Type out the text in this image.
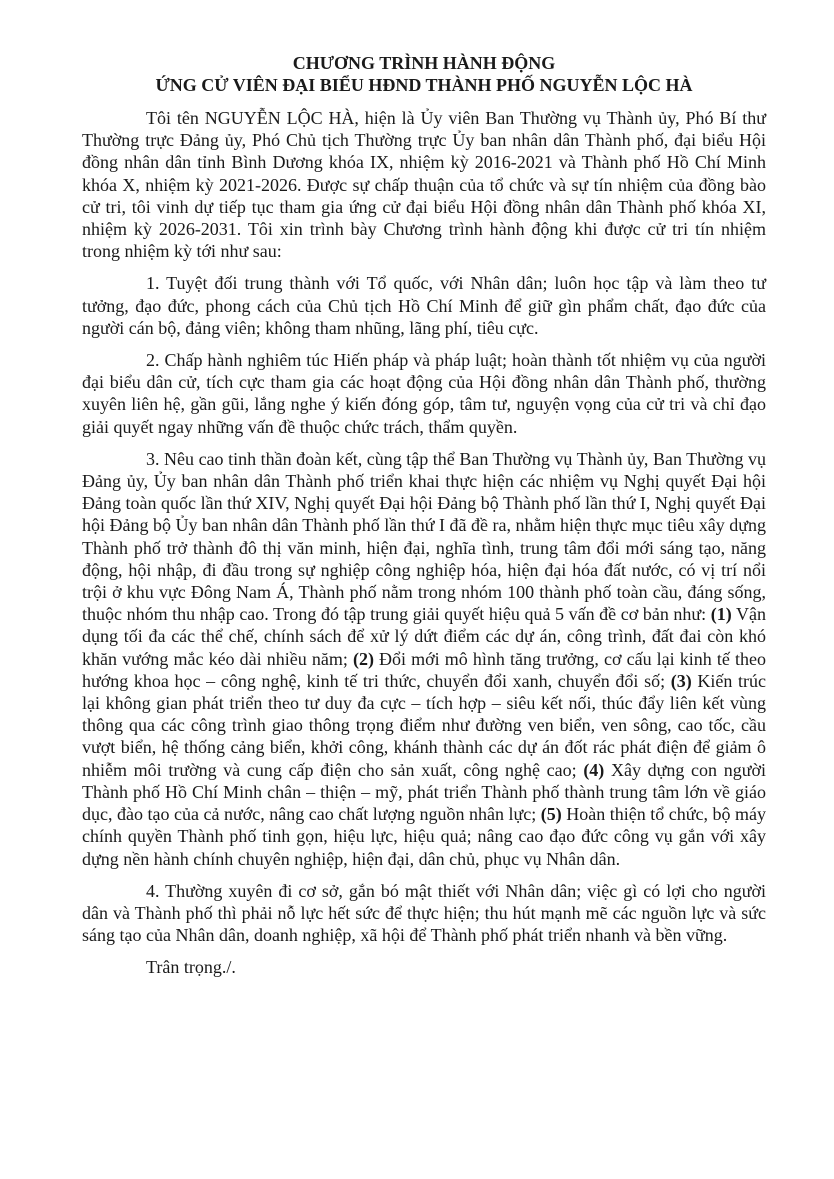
CHƯƠNG TRÌNH HÀNH ĐỘNG
ỨNG CỬ VIÊN ĐẠI BIỂU HĐND THÀNH PHỐ NGUYỄN LỘC HÀ

Tôi tên NGUYỄN LỘC HÀ, hiện là Ủy viên Ban Thường vụ Thành ủy, Phó Bí thư Thường trực Đảng ủy, Phó Chủ tịch Thường trực Ủy ban nhân dân Thành phố, đại biểu Hội đồng nhân dân tỉnh Bình Dương khóa IX, nhiệm kỳ 2016-2021 và Thành phố Hồ Chí Minh khóa X, nhiệm kỳ 2021-2026. Được sự chấp thuận của tổ chức và sự tín nhiệm của đồng bào cử tri, tôi vinh dự tiếp tục tham gia ứng cử đại biểu Hội đồng nhân dân Thành phố khóa XI, nhiệm kỳ 2026-2031. Tôi xin trình bày Chương trình hành động khi được cử tri tín nhiệm trong nhiệm kỳ tới như sau:

1. Tuyệt đối trung thành với Tổ quốc, với Nhân dân; luôn học tập và làm theo tư tưởng, đạo đức, phong cách của Chủ tịch Hồ Chí Minh để giữ gìn phẩm chất, đạo đức của người cán bộ, đảng viên; không tham nhũng, lãng phí, tiêu cực.

2. Chấp hành nghiêm túc Hiến pháp và pháp luật; hoàn thành tốt nhiệm vụ của người đại biểu dân cử, tích cực tham gia các hoạt động của Hội đồng nhân dân Thành phố, thường xuyên liên hệ, gần gũi, lắng nghe ý kiến đóng góp, tâm tư, nguyện vọng của cử tri và chỉ đạo giải quyết ngay những vấn đề thuộc chức trách, thẩm quyền.

3. Nêu cao tinh thần đoàn kết, cùng tập thể Ban Thường vụ Thành ủy, Ban Thường vụ Đảng ủy, Ủy ban nhân dân Thành phố triển khai thực hiện các nhiệm vụ Nghị quyết Đại hội Đảng toàn quốc lần thứ XIV, Nghị quyết Đại hội Đảng bộ Thành phố lần thứ I, Nghị quyết Đại hội Đảng bộ Ủy ban nhân dân Thành phố lần thứ I đã đề ra, nhằm hiện thực mục tiêu xây dựng Thành phố trở thành đô thị văn minh, hiện đại, nghĩa tình, trung tâm đổi mới sáng tạo, năng động, hội nhập, đi đầu trong sự nghiệp công nghiệp hóa, hiện đại hóa đất nước, có vị trí nổi trội ở khu vực Đông Nam Á, Thành phố nằm trong nhóm 100 thành phố toàn cầu, đáng sống, thuộc nhóm thu nhập cao. Trong đó tập trung giải quyết hiệu quả 5 vấn đề cơ bản như: (1) Vận dụng tối đa các thể chế, chính sách để xử lý dứt điểm các dự án, công trình, đất đai còn khó khăn vướng mắc kéo dài nhiều năm; (2) Đổi mới mô hình tăng trưởng, cơ cấu lại kinh tế theo hướng khoa học – công nghệ, kinh tế tri thức, chuyển đổi xanh, chuyển đổi số; (3) Kiến trúc lại không gian phát triển theo tư duy đa cực – tích hợp – siêu kết nối, thúc đẩy liên kết vùng thông qua các công trình giao thông trọng điểm như đường ven biển, ven sông, cao tốc, cầu vượt biển, hệ thống cảng biển, khởi công, khánh thành các dự án đốt rác phát điện để giảm ô nhiễm môi trường và cung cấp điện cho sản xuất, công nghệ cao; (4) Xây dựng con người Thành phố Hồ Chí Minh chân – thiện – mỹ, phát triển Thành phố thành trung tâm lớn về giáo dục, đào tạo của cả nước, nâng cao chất lượng nguồn nhân lực; (5) Hoàn thiện tổ chức, bộ máy chính quyền Thành phố tinh gọn, hiệu lực, hiệu quả; nâng cao đạo đức công vụ gắn với xây dựng nền hành chính chuyên nghiệp, hiện đại, dân chủ, phục vụ Nhân dân.

4. Thường xuyên đi cơ sở, gắn bó mật thiết với Nhân dân; việc gì có lợi cho người dân và Thành phố thì phải nỗ lực hết sức để thực hiện; thu hút mạnh mẽ các nguồn lực và sức sáng tạo của Nhân dân, doanh nghiệp, xã hội để Thành phố phát triển nhanh và bền vững.

Trân trọng./.
